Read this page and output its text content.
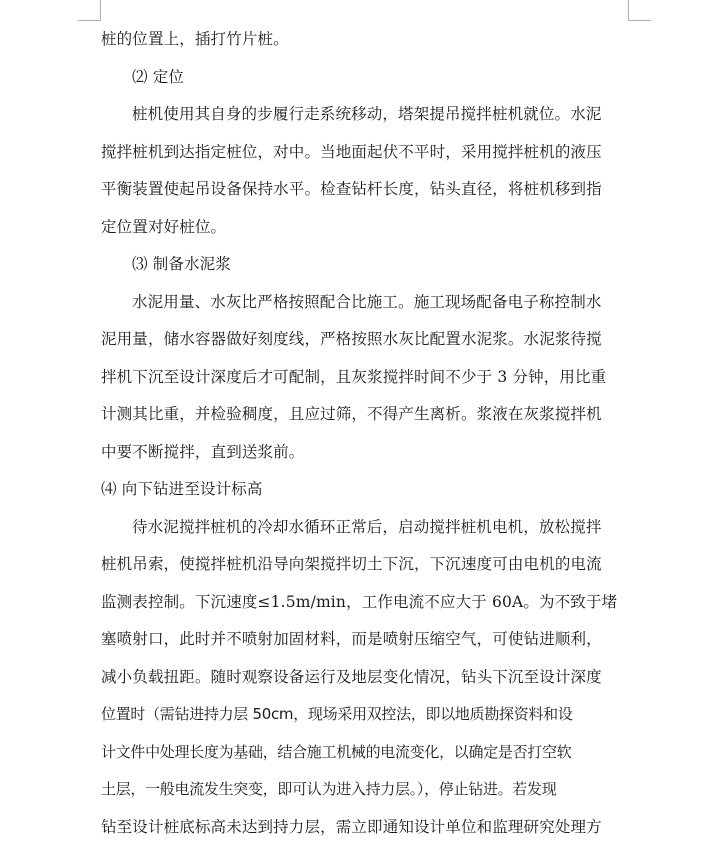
桩的位置上，插打竹片桩。
⑵ 定位
桩机使用其自身的步履行走系统移动，塔架提吊搅拌桩机就位。水泥
搅拌桩机到达指定桩位，对中。当地面起伏不平时，采用搅拌桩机的液压
平衡装置使起吊设备保持水平。检查钻杆长度，钻头直径，将桩机移到指
定位置对好桩位。
⑶ 制备水泥浆
水泥用量、水灰比严格按照配合比施工。施工现场配备电子称控制水
泥用量，储水容器做好刻度线，严格按照水灰比配置水泥浆。水泥浆待搅
拌机下沉至设计深度后才可配制，且灰浆搅拌时间不少于 3 分钟，用比重
计测其比重，并检验稠度，且应过筛，不得产生离析。浆液在灰浆搅拌机
中要不断搅拌，直到送浆前。
⑷ 向下钻进至设计标高
待水泥搅拌桩机的冷却水循环正常后，启动搅拌桩机电机，放松搅拌
桩机吊索，使搅拌桩机沿导向架搅拌切土下沉，下沉速度可由电机的电流
监测表控制。下沉速度≤1.5m/min，工作电流不应大于 60A。为不致于堵
塞喷射口，此时并不喷射加固材料，而是喷射压缩空气，可使钻进顺利，
减小负载扭距。随时观察设备运行及地层变化情况，钻头下沉至设计深度
位置时（需钻进持力层 50cm，现场采用双控法，即以地质勘探资料和设
计文件中处理长度为基础，结合施工机械的电流变化，以确定是否打空软
土层，一般电流发生突变，即可认为进入持力层。），停止钻进。若发现
钻至设计桩底标高未达到持力层，需立即通知设计单位和监理研究处理方
